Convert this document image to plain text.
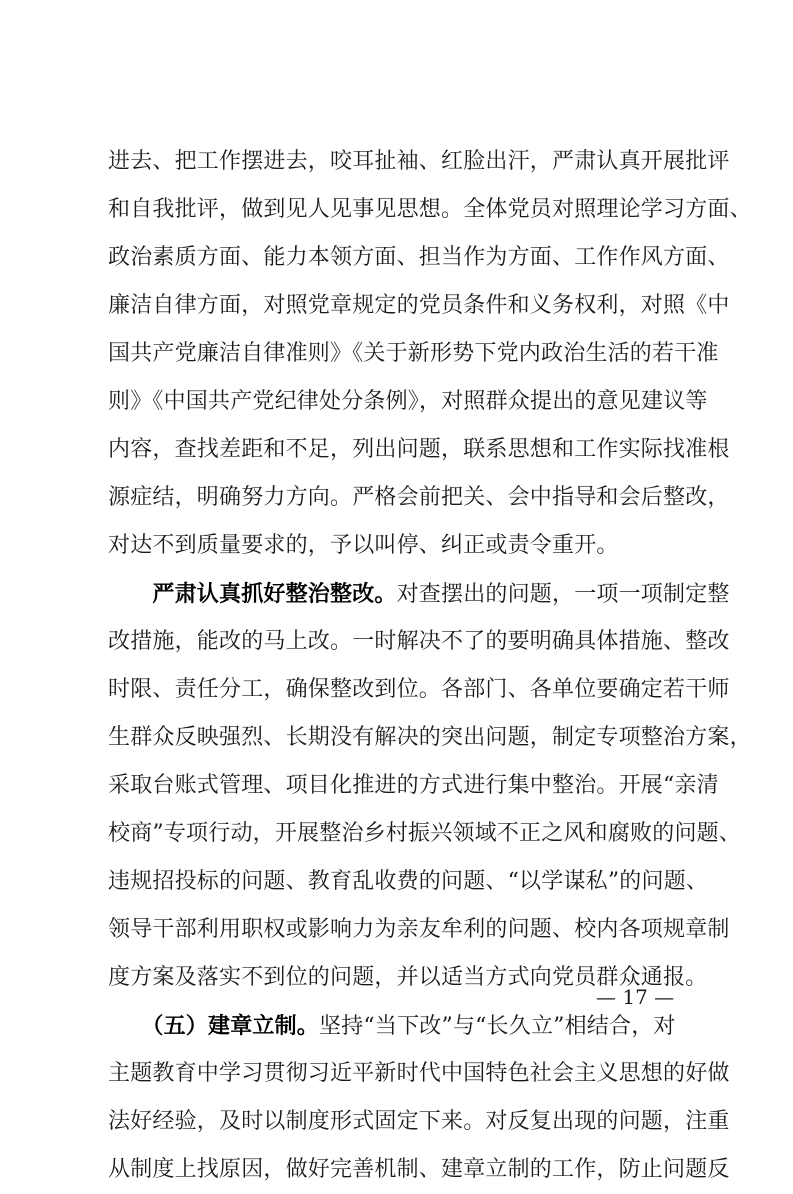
进去、把工作摆进去，咬耳扯袖、红脸出汗，严肃认真开展批评
和自我批评，做到见人见事见思想。全体党员对照理论学习方面、
政治素质方面、能力本领方面、担当作为方面、工作作风方面、
廉洁自律方面，对照党章规定的党员条件和义务权利，对照《中
国共产党廉洁自律准则》《关于新形势下党内政治生活的若干准
则》《中国共产党纪律处分条例》，对照群众提出的意见建议等
内容，查找差距和不足，列出问题，联系思想和工作实际找准根
源症结，明确努力方向。严格会前把关、会中指导和会后整改，
对达不到质量要求的，予以叫停、纠正或责令重开。
　　严肃认真抓好整治整改。对查摆出的问题，一项一项制定整
改措施，能改的马上改。一时解决不了的要明确具体措施、整改
时限、责任分工，确保整改到位。各部门、各单位要确定若干师
生群众反映强烈、长期没有解决的突出问题，制定专项整治方案，
采取台账式管理、项目化推进的方式进行集中整治。开展“亲清
校商”专项行动，开展整治乡村振兴领域不正之风和腐败的问题、
违规招投标的问题、教育乱收费的问题、“以学谋私”的问题、
领导干部利用职权或影响力为亲友牟利的问题、校内各项规章制
度方案及落实不到位的问题，并以适当方式向党员群众通报。
　　（五）建章立制。坚持“当下改”与“长久立”相结合，对
主题教育中学习贯彻习近平新时代中国特色社会主义思想的好做
法好经验，及时以制度形式固定下来。对反复出现的问题，注重
从制度上找原因，做好完善机制、建章立制的工作，防止问题反
— 17 —
